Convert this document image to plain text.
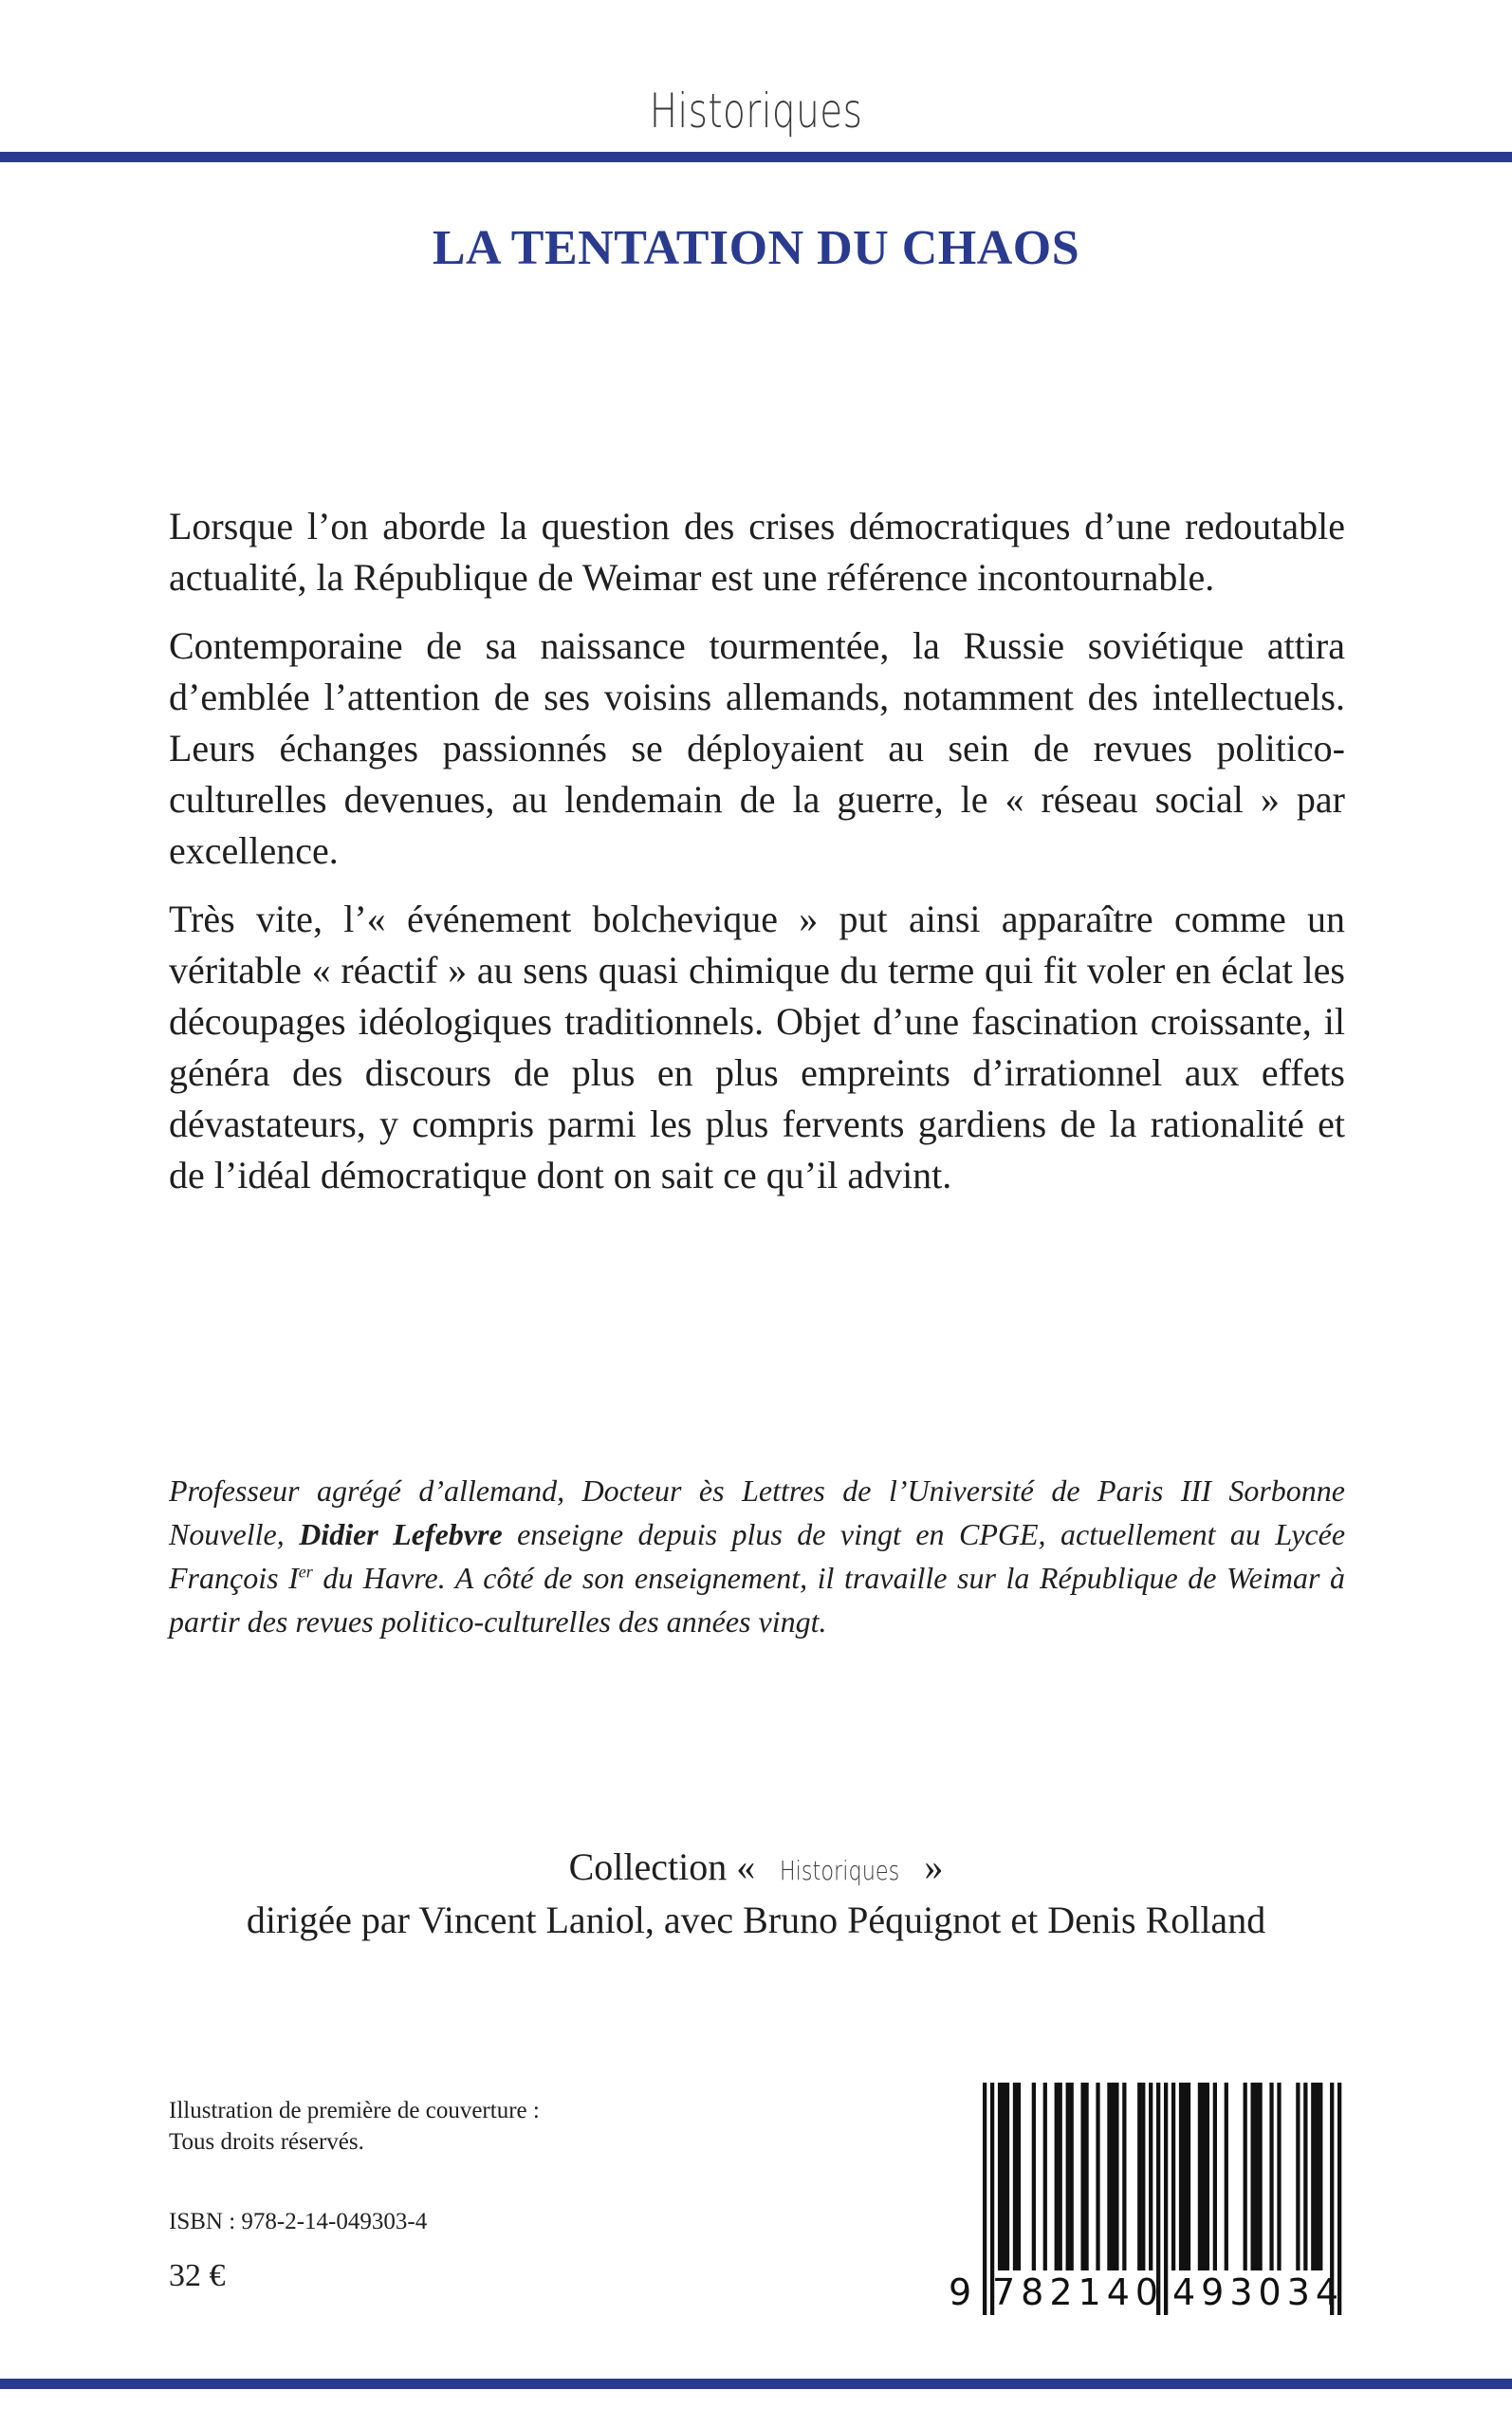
Historiques
LA TENTATION DU CHAOS

Lorsque l’on aborde la question des crises démocratiques d’une redoutable actualité, la République de Weimar est une référence incontournable.

Contemporaine de sa naissance tourmentée, la Russie soviétique attira d’emblée l’attention de ses voisins allemands, notamment des intellectuels. Leurs échanges passionnés se déployaient au sein de revues politico-culturelles devenues, au lendemain de la guerre, le « réseau social » par excellence.

Très vite, l’« événement bolchevique » put ainsi apparaître comme un véritable « réactif » au sens quasi chimique du terme qui fit voler en éclat les découpages idéologiques traditionnels. Objet d’une fascination croissante, il généra des discours de plus en plus empreints d’irrationnel aux effets dévastateurs, y compris parmi les plus fervents gardiens de la rationalité et de l’idéal démocratique dont on sait ce qu’il advint.

Professeur agrégé d’allemand, Docteur ès Lettres de l’Université de Paris III Sorbonne Nouvelle, Didier Lefebvre enseigne depuis plus de vingt en CPGE, actuellement au Lycée François Ier du Havre. A côté de son enseignement, il travaille sur la République de Weimar à partir des revues politico-culturelles des années vingt.

Collection « Historiques »
dirigée par Vincent Laniol, avec Bruno Péquignot et Denis Rolland
Illustration de première de couverture :
Tous droits réservés.
ISBN : 978-2-14-049303-4
32 €	9 782140 493034
